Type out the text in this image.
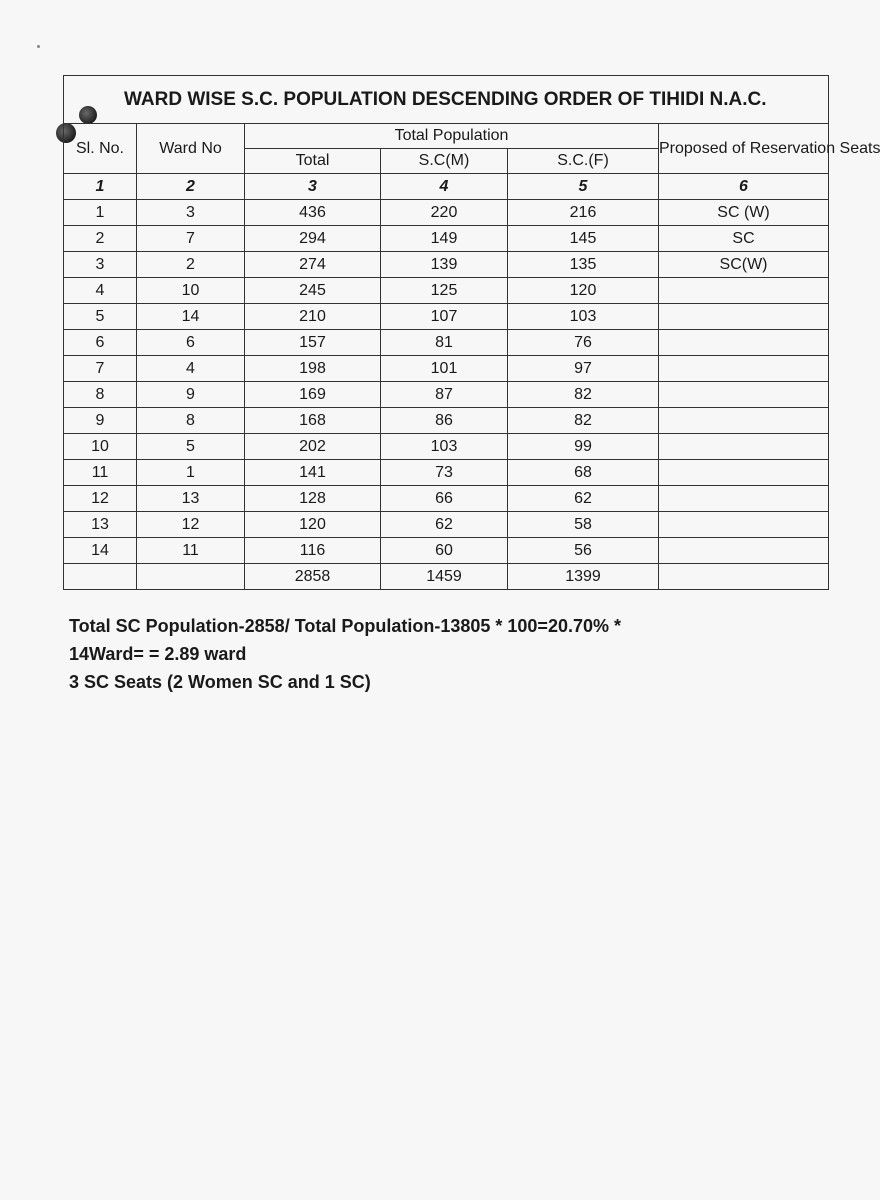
WARD WISE S.C. POPULATION DESCENDING ORDER OF TIHIDI N.A.C.					
Sl. No.	Ward No	Total Population			Proposed of Reservation Seats
		Total	S.C(M)	S.C.(F)	
1	2	3	4	5	6
1	3	436	220	216	SC (W)
2	7	294	149	145	SC
3	2	274	139	135	SC(W)
4	10	245	125	120	
5	14	210	107	103	
6	6	157	81	76	
7	4	198	101	97	
8	9	169	87	82	
9	8	168	86	82	
10	5	202	103	99	
11	1	141	73	68	
12	13	128	66	62	
13	12	120	62	58	
14	11	116	60	56	
		2858	1459	1399	
Total SC Population-2858/ Total Population-13805 * 100=20.70% *
14Ward= = 2.89 ward
3 SC Seats (2 Women SC and 1 SC)
